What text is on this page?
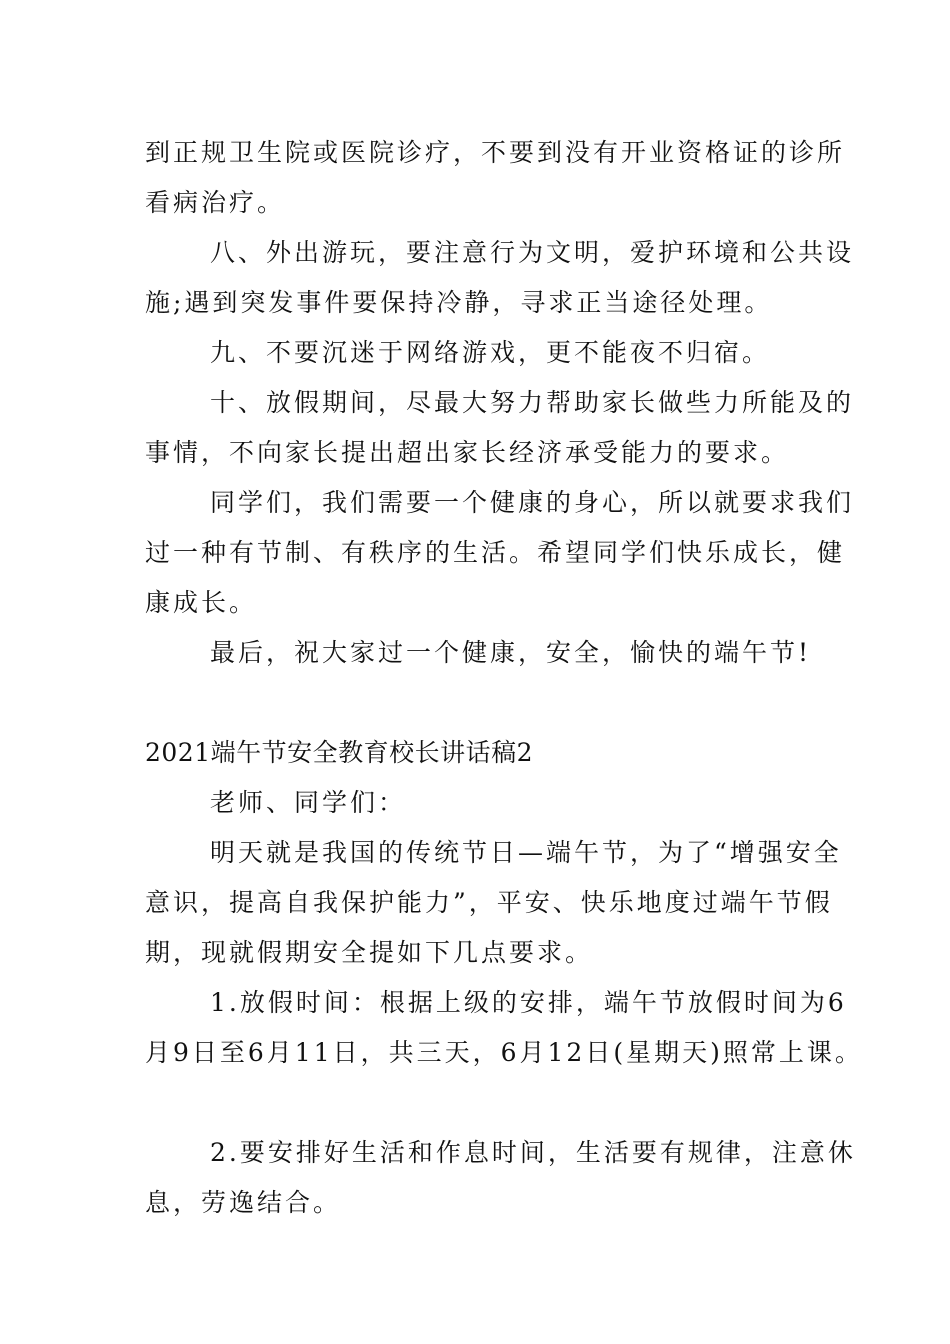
到正规卫生院或医院诊疗，不要到没有开业资格证的诊所
看病治疗。
八、外出游玩，要注意行为文明，爱护环境和公共设
施;遇到突发事件要保持冷静，寻求正当途径处理。
九、不要沉迷于网络游戏，更不能夜不归宿。
十、放假期间，尽最大努力帮助家长做些力所能及的
事情，不向家长提出超出家长经济承受能力的要求。
同学们，我们需要一个健康的身心，所以就要求我们
过一种有节制、有秩序的生活。希望同学们快乐成长，健
康成长。
最后，祝大家过一个健康，安全，愉快的端午节!
2021端午节安全教育校长讲话稿2
老师、同学们：
明天就是我国的传统节日—端午节，为了“增强安全
意识，提高自我保护能力”，平安、快乐地度过端午节假
期，现就假期安全提如下几点要求。
1.放假时间：根据上级的安排，端午节放假时间为6
月9日至6月11日，共三天，6月12日(星期天)照常上课。
2.要安排好生活和作息时间，生活要有规律，注意休
息，劳逸结合。
